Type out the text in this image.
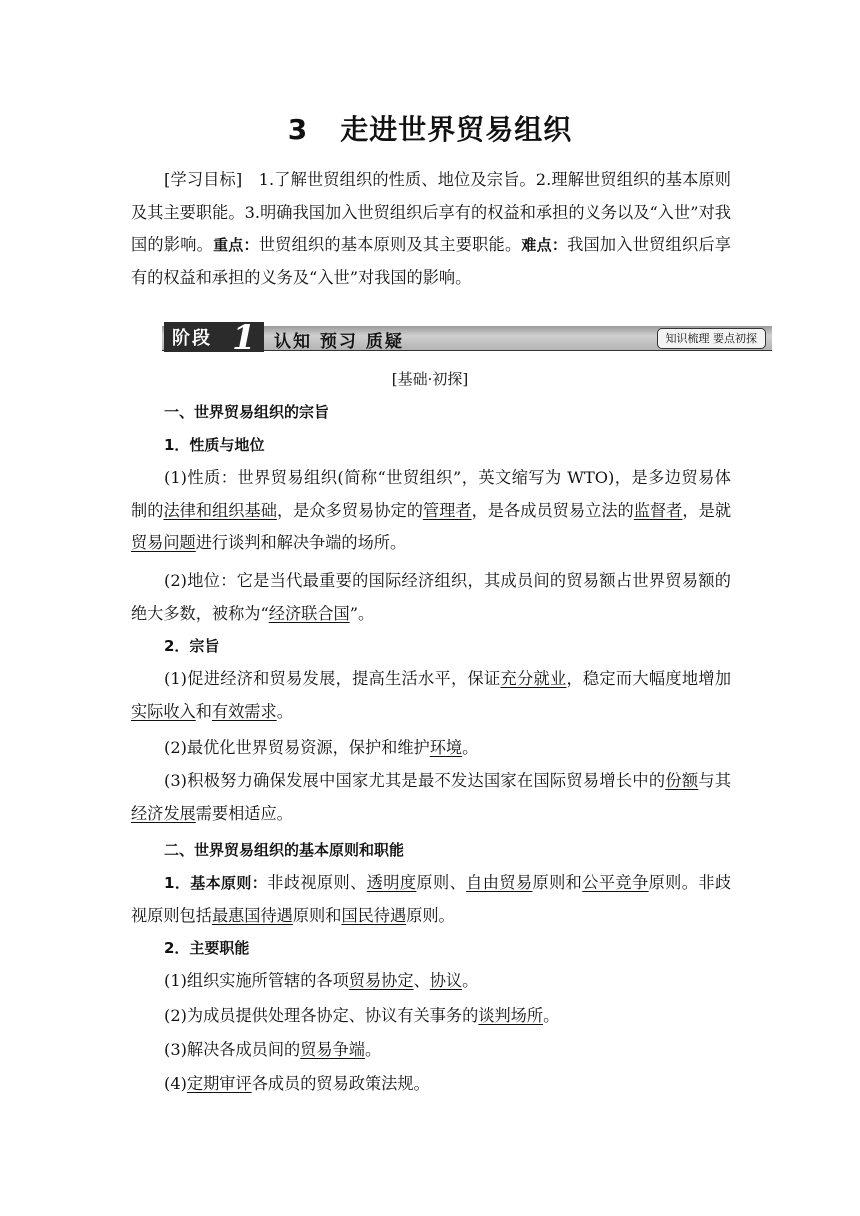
3 走进世界贸易组织
[学习目标]　 1.了解世贸组织的性质、地位及宗旨。2.理解世贸组织的基本原则及其主要职能。3.明确我国加入世贸组织后享有的权益和承担的义务以及“入世”对我国的影响。重点：世贸组织的基本原则及其主要职能。难点：我国加入世贸组织后享有的权益和承担的义务及“入世”对我国的影响。
阶段 1 认知 预习 质疑	知识梳理 要点初探
[基础·初探]
一、世界贸易组织的宗旨
1．性质与地位
(1)性质：世界贸易组织(简称“世贸组织”，英文缩写为 WTO)，是多边贸易体制的法律和组织基础，是众多贸易协定的管理者，是各成员贸易立法的监督者，是就贸易问题进行谈判和解决争端的场所。
(2)地位：它是当代最重要的国际经济组织，其成员间的贸易额占世界贸易额的绝大多数，被称为“经济联合国”。
2．宗旨
(1)促进经济和贸易发展，提高生活水平，保证充分就业，稳定而大幅度地增加实际收入和有效需求。
(2)最优化世界贸易资源，保护和维护环境。
(3)积极努力确保发展中国家尤其是最不发达国家在国际贸易增长中的份额与其经济发展需要相适应。
二、世界贸易组织的基本原则和职能
1．基本原则：非歧视原则、透明度原则、自由贸易原则和公平竞争原则。非歧视原则包括最惠国待遇原则和国民待遇原则。
2．主要职能
(1)组织实施所管辖的各项贸易协定、协议。
(2)为成员提供处理各协定、协议有关事务的谈判场所。
(3)解决各成员间的贸易争端。
(4)定期审评各成员的贸易政策法规。
